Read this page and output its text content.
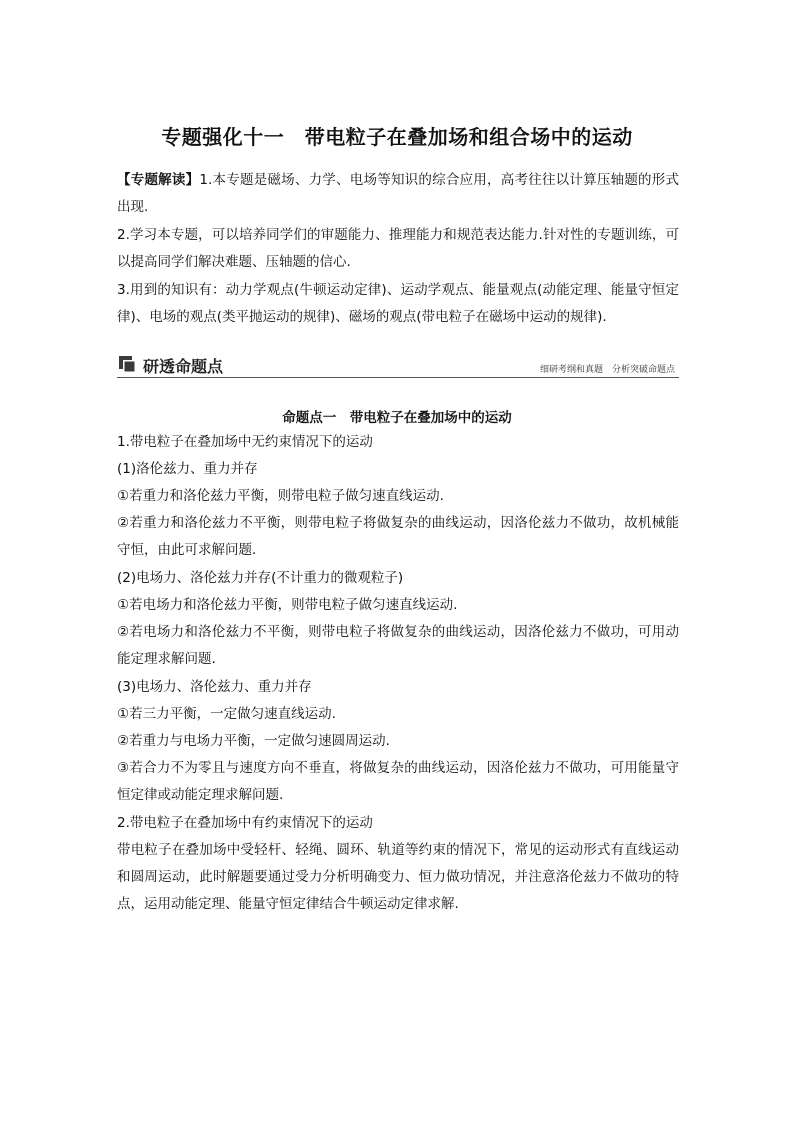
专题强化十一　带电粒子在叠加场和组合场中的运动
【专题解读】1.本专题是磁场、力学、电场等知识的综合应用，高考往往以计算压轴题的形式出现.
2.学习本专题，可以培养同学们的审题能力、推理能力和规范表达能力.针对性的专题训练，可以提高同学们解决难题、压轴题的信心.
3.用到的知识有：动力学观点(牛顿运动定律)、运动学观点、能量观点(动能定理、能量守恒定律)、电场的观点(类平抛运动的规律)、磁场的观点(带电粒子在磁场中运动的规律).
研透命题点	细研考纲和真题　分析突破命题点
命题点一　带电粒子在叠加场中的运动
1.带电粒子在叠加场中无约束情况下的运动
(1)洛伦兹力、重力并存
①若重力和洛伦兹力平衡，则带电粒子做匀速直线运动.
②若重力和洛伦兹力不平衡，则带电粒子将做复杂的曲线运动，因洛伦兹力不做功，故机械能守恒，由此可求解问题.
(2)电场力、洛伦兹力并存(不计重力的微观粒子)
①若电场力和洛伦兹力平衡，则带电粒子做匀速直线运动.
②若电场力和洛伦兹力不平衡，则带电粒子将做复杂的曲线运动，因洛伦兹力不做功，可用动能定理求解问题.
(3)电场力、洛伦兹力、重力并存
①若三力平衡，一定做匀速直线运动.
②若重力与电场力平衡，一定做匀速圆周运动.
③若合力不为零且与速度方向不垂直，将做复杂的曲线运动，因洛伦兹力不做功，可用能量守恒定律或动能定理求解问题.
2.带电粒子在叠加场中有约束情况下的运动
带电粒子在叠加场中受轻杆、轻绳、圆环、轨道等约束的情况下，常见的运动形式有直线运动和圆周运动，此时解题要通过受力分析明确变力、恒力做功情况，并注意洛伦兹力不做功的特点，运用动能定理、能量守恒定律结合牛顿运动定律求解.
